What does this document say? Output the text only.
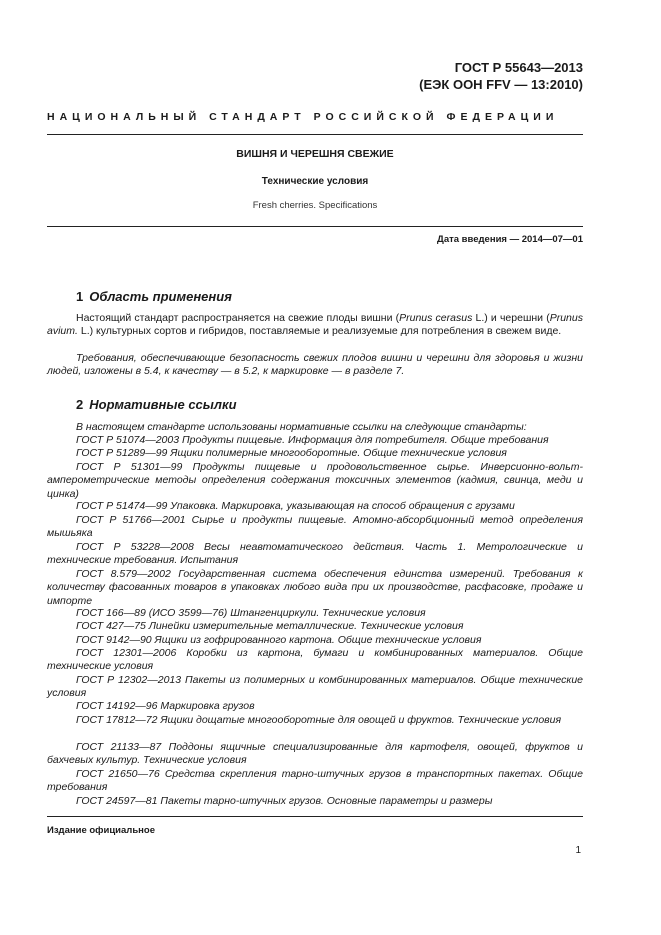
ГОСТ Р 55643—2013
(ЕЭК ООН FFV — 13:2010)
НАЦИОНАЛЬНЫЙ СТАНДАРТ РОССИЙСКОЙ ФЕДЕРАЦИИ
ВИШНЯ И ЧЕРЕШНЯ СВЕЖИЕ
Технические условия
Fresh cherries. Specifications
Дата введения — 2014—07—01
1 Область применения
Настоящий стандарт распространяется на свежие плоды вишни (Prunus cerasus L.) и черешни (Prunus avium. L.) культурных сортов и гибридов, поставляемые и реализуемые для потребления в свежем виде.
Требования, обеспечивающие безопасность свежих плодов вишни и черешни для здоровья и жизни людей, изложены в 5.4, к качеству — в 5.2, к маркировке — в разделе 7.
2 Нормативные ссылки
В настоящем стандарте использованы нормативные ссылки на следующие стандарты:
ГОСТ Р 51074—2003 Продукты пищевые. Информация для потребителя. Общие требования
ГОСТ Р 51289—99 Ящики полимерные многооборотные. Общие технические условия
ГОСТ Р 51301—99 Продукты пищевые и продовольственное сырье. Инверсионно-вольт-амперометрические методы определения содержания токсичных элементов (кадмия, свинца, меди и цинка)
ГОСТ Р 51474—99 Упаковка. Маркировка, указывающая на способ обращения с грузами
ГОСТ Р 51766—2001 Сырье и продукты пищевые. Атомно-абсорбционный метод определения мышьяка
ГОСТ Р 53228—2008 Весы неавтоматического действия. Часть 1. Метрологические и технические требования. Испытания
ГОСТ 8.579—2002 Государственная система обеспечения единства измерений. Требования к количеству фасованных товаров в упаковках любого вида при их производстве, расфасовке, продаже и импорте
ГОСТ 166—89 (ИСО 3599—76) Штангенциркули. Технические условия
ГОСТ 427—75 Линейки измерительные металлические. Технические условия
ГОСТ 9142—90 Ящики из гофрированного картона. Общие технические условия
ГОСТ 12301—2006 Коробки из картона, бумаги и комбинированных материалов. Общие технические условия
ГОСТ Р 12302—2013 Пакеты из полимерных и комбинированных материалов. Общие технические условия
ГОСТ 14192—96 Маркировка грузов
ГОСТ 17812—72 Ящики дощатые многооборотные для овощей и фруктов. Технические условия
ГОСТ 21133—87 Поддоны ящичные специализированные для картофеля, овощей, фруктов и бахчевых культур. Технические условия
ГОСТ 21650—76 Средства скрепления тарно-штучных грузов в транспортных пакетах. Общие требования
ГОСТ 24597—81 Пакеты тарно-штучных грузов. Основные параметры и размеры
Издание официальное
1
